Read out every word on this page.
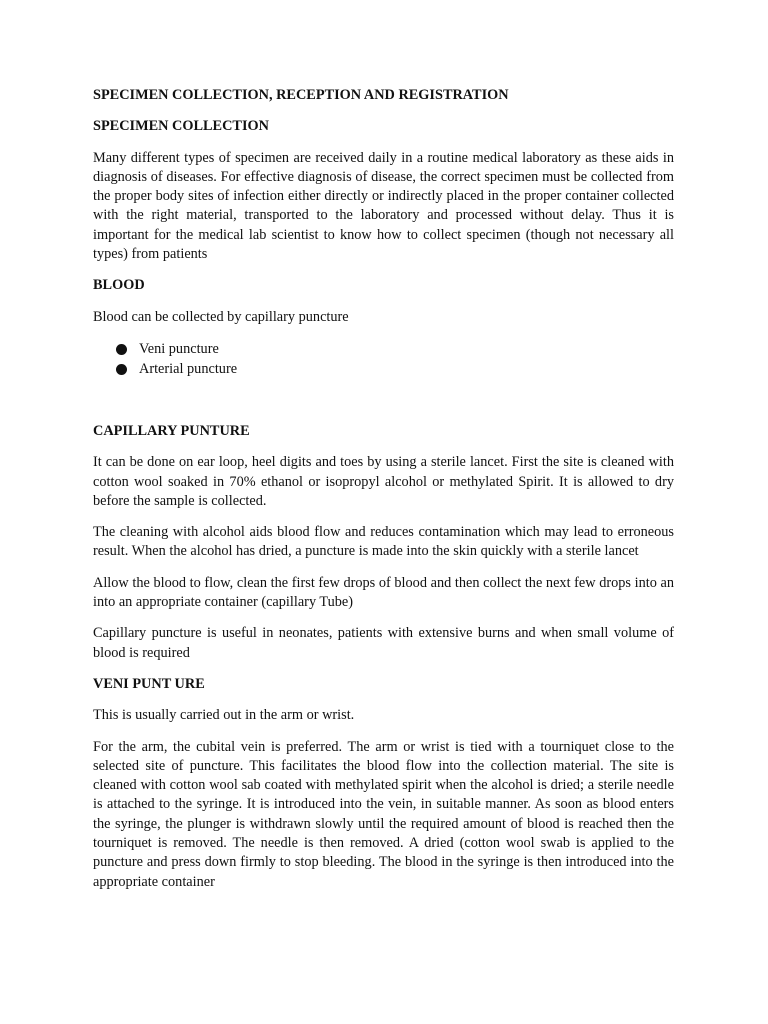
SPECIMEN COLLECTION, RECEPTION AND REGISTRATION
SPECIMEN COLLECTION

Many different types of specimen are received daily in a routine medical laboratory as these aids in diagnosis of diseases. For effective diagnosis of disease, the correct specimen must be collected from the proper body sites of infection either directly or indirectly placed in the proper container collected with the right material, transported to the laboratory and processed without delay. Thus it is important for the medical lab scientist to know how to collect specimen (though not necessary all types) from patients

BLOOD

Blood can be collected by capillary puncture

Veni puncture
Arterial puncture
CAPILLARY PUNTURE

It can be done on ear loop, heel digits and toes by using a sterile lancet. First the site is cleaned with cotton wool soaked in 70% ethanol or isopropyl alcohol or methylated Spirit. It is allowed to dry before the sample is collected.

The cleaning with alcohol aids blood flow and reduces contamination which may lead to erroneous result. When the alcohol has dried, a puncture is made into the skin quickly with a sterile lancet

Allow the blood to flow, clean the first few drops of blood and then collect the next few drops into an into an appropriate container (capillary Tube)

Capillary puncture is useful in neonates, patients with extensive burns and when small volume of blood is required

VENI PUNT URE

This is usually carried out in the arm or wrist.

For the arm, the cubital vein is preferred. The arm or wrist is tied with a tourniquet close to the selected site of puncture. This facilitates the blood flow into the collection material. The site is cleaned with cotton wool sab coated with methylated spirit when the alcohol is dried; a sterile needle is attached to the syringe. It is introduced into the vein, in suitable manner. As soon as blood enters the syringe, the plunger is withdrawn slowly until the required amount of blood is reached then the tourniquet is removed. The needle is then removed. A dried (cotton wool swab is applied to the puncture and press down firmly to stop bleeding. The blood in the syringe is then introduced into the appropriate container
